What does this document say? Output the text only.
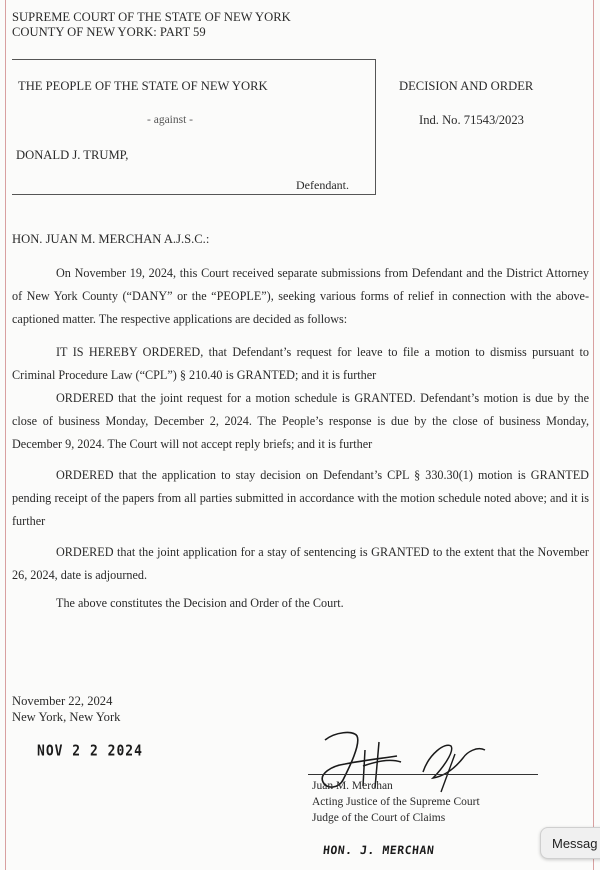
SUPREME COURT OF THE STATE OF NEW YORK
COUNTY OF NEW YORK: PART 59
THE PEOPLE OF THE STATE OF NEW YORK
- against -
DONALD J. TRUMP,
Defendant.
DECISION AND ORDER
Ind. No. 71543/2023
HON. JUAN M. MERCHAN A.J.S.C.:
On November 19, 2024, this Court received separate submissions from Defendant and the District Attorney of New York County (“DANY” or the “PEOPLE”), seeking various forms of relief in connection with the above-captioned matter. The respective applications are decided as follows:
IT IS HEREBY ORDERED, that Defendant’s request for leave to file a motion to dismiss pursuant to Criminal Procedure Law (“CPL”) § 210.40 is GRANTED; and it is further
ORDERED that the joint request for a motion schedule is GRANTED. Defendant’s motion is due by the close of business Monday, December 2, 2024. The People’s response is due by the close of business Monday, December 9, 2024. The Court will not accept reply briefs; and it is further
ORDERED that the application to stay decision on Defendant’s CPL § 330.30(1) motion is GRANTED pending receipt of the papers from all parties submitted in accordance with the motion schedule noted above; and it is further
ORDERED that the joint application for a stay of sentencing is GRANTED to the extent that the November 26, 2024, date is adjourned.
The above constitutes the Decision and Order of the Court.
November 22, 2024
New York, New York
NOV 2 2 2024
Juan M. Merchan
Acting Justice of the Supreme Court
Judge of the Court of Claims
HON. J. MERCHAN	Messag
